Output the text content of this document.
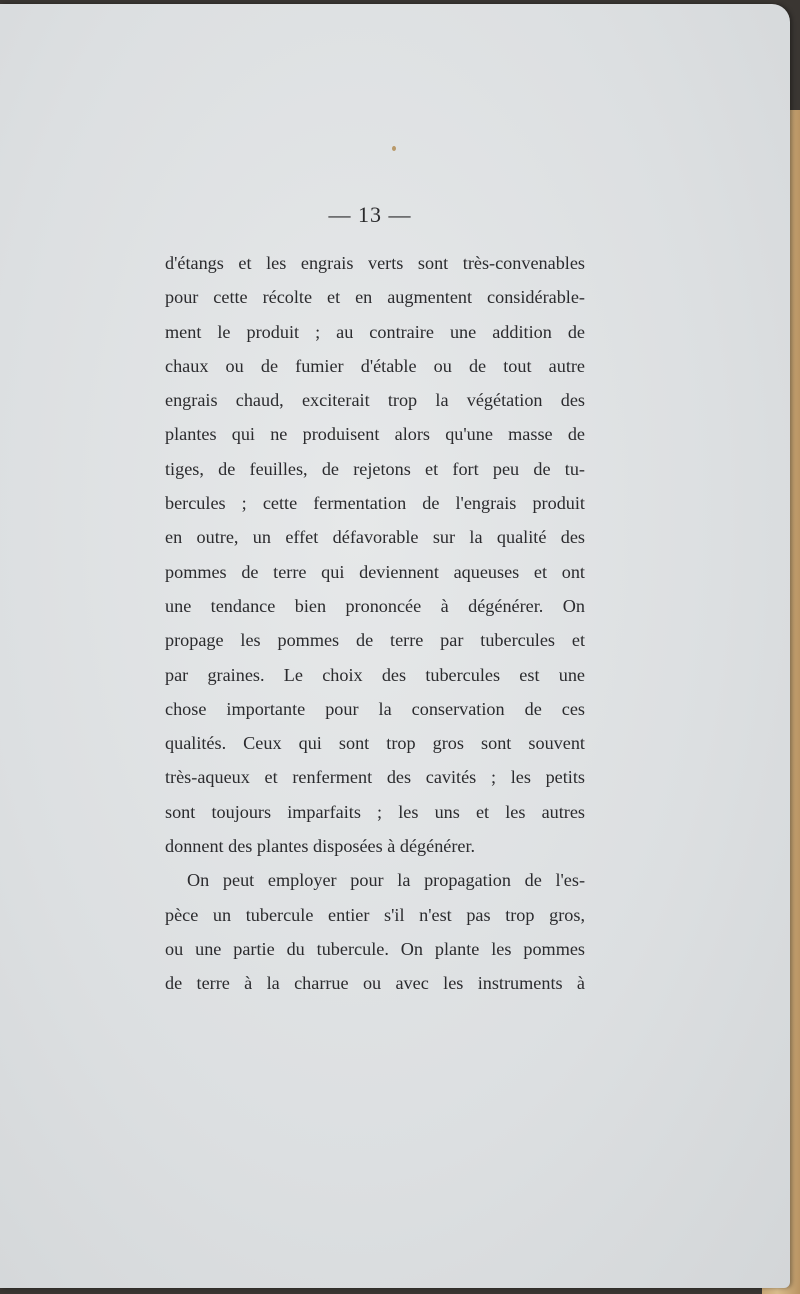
— 13 —
d'étangs et les engrais verts sont très-convenables
pour cette récolte et en augmentent considérable-
ment le produit ; au contraire une addition de
chaux ou de fumier d'étable ou de tout autre
engrais chaud, exciterait trop la végétation des
plantes qui ne produisent alors qu'une masse de
tiges, de feuilles, de rejetons et fort peu de tu-
bercules ; cette fermentation de l'engrais produit
en outre, un effet défavorable sur la qualité des
pommes de terre qui deviennent aqueuses et ont
une tendance bien prononcée à dégénérer. On
propage les pommes de terre par tubercules et
par graines. Le choix des tubercules est une
chose importante pour la conservation de ces
qualités. Ceux qui sont trop gros sont souvent
très-aqueux et renferment des cavités ; les petits
sont toujours imparfaits ; les uns et les autres
donnent des plantes disposées à dégénérer.
On peut employer pour la propagation de l'es-
pèce un tubercule entier s'il n'est pas trop gros,
ou une partie du tubercule. On plante les pommes
de terre à la charrue ou avec les instruments à
